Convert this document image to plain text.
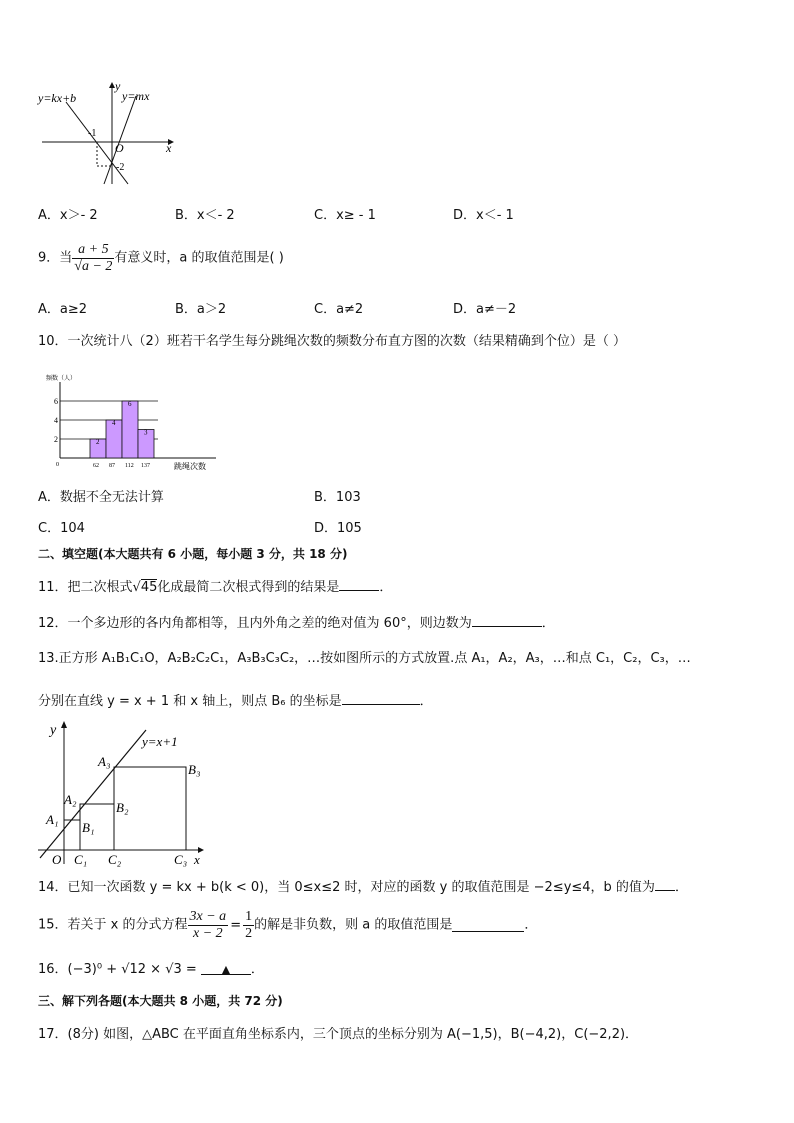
y=kx+b	y=mx
y
x
O
-1
-2
A．x＞- 2	B．x＜- 2	C．x≥ - 1	D．x＜- 1
9．当 $\frac{a + 5}{√a - 2}$ 有意义时，a 的取值范围是( )
A．a≥2	B．a＞2	C．a≠2	D．a≠－2
10．一次统计八（2）班若干名学生每分跳绳次数的频数分布直方图的次数（结果精确到个位）是（ ）
0
2
4
6
2
62
4
87
6
112
3
137
频数（人）
跳绳次数
A．数据不全无法计算	B．103
C．104	D．105
二、填空题(本大题共有 6 小题，每小题 3 分，共 18 分)
11．把二次根式√45化成最简二次根式得到的结果是	．
12．一个多边形的各内角都相等，且内外角之差的绝对值为 60°，则边数为	．
13.正方形 A₁B₁C₁O，A₂B₂C₂C₁，A₃B₃C₃C₂，…按如图所示的方式放置.点 A₁，A₂，A₃，…和点 C₁，C₂，C₃，…
分别在直线 y = x + 1 和 x 轴上，则点 B₆ 的坐标是	．
y
y=x+1
x
O
A₁
A₂
A₃
B₁
B₂
B₃
C₁ C₂	C₃
14．已知一次函数 y = kx + b(k < 0)，当 0≤x≤2 时，对应的函数 y 的取值范围是 −2≤y≤4，b 的值为 ．
15．若关于 x 的分式方程 $\frac{3x - a}{x - 2} = \frac{1}{2}$ 的解是非负数，则 a 的取值范围是	．
16．(−3)⁰ + √12 × √3 = ▲ ．
三、解下列各题(本大题共 8 小题，共 72 分)
17．(8分) 如图，△ABC 在平面直角坐标系内，三个顶点的坐标分别为 A(−1,5)，B(−4,2)，C(−2,2)．
